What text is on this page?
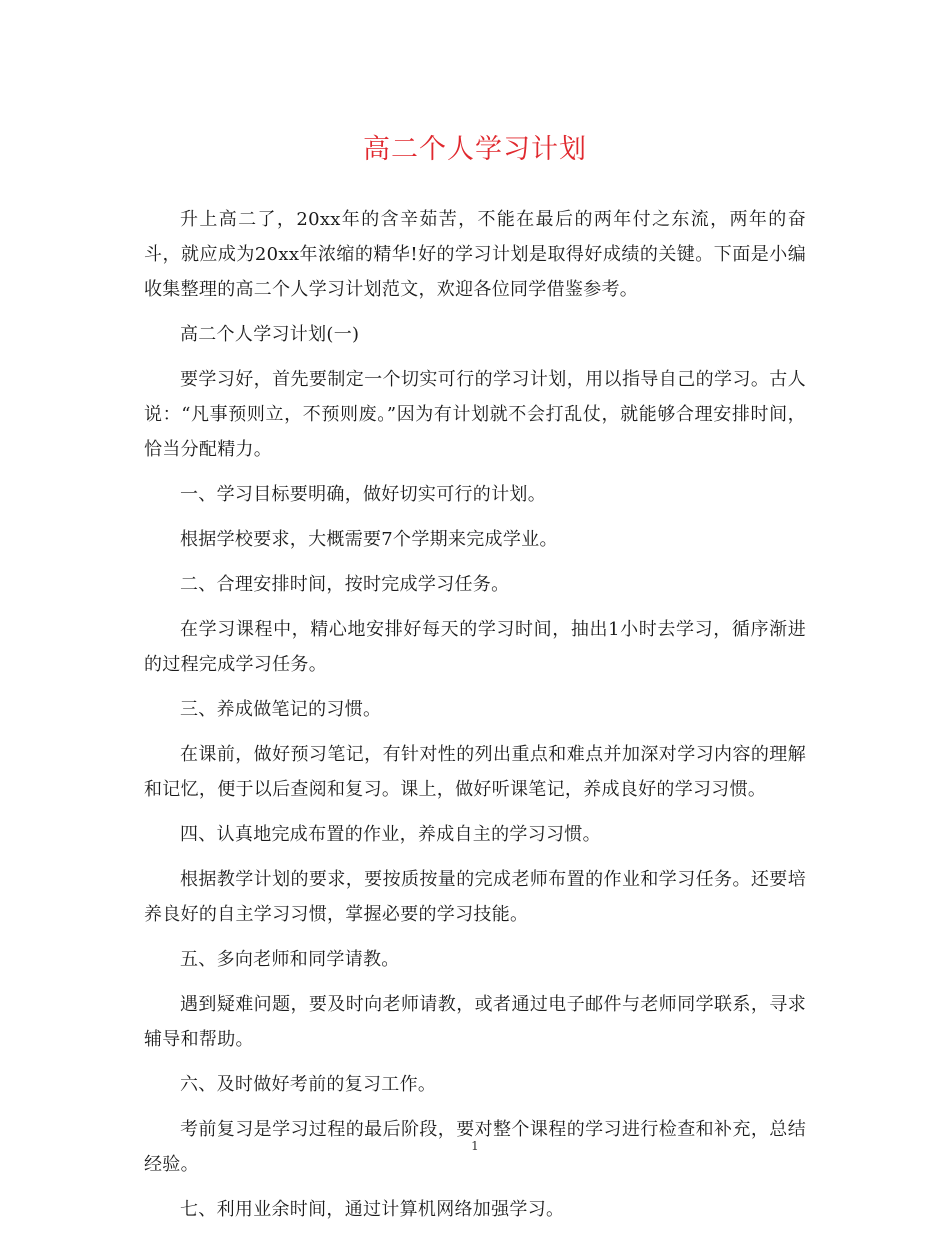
高二个人学习计划

升上高二了，20xx年的含辛茹苦，不能在最后的两年付之东流，两年的奋斗，就应成为20xx年浓缩的精华!好的学习计划是取得好成绩的关键。下面是小编收集整理的高二个人学习计划范文，欢迎各位同学借鉴参考。

高二个人学习计划(一)

要学习好，首先要制定一个切实可行的学习计划，用以指导自己的学习。古人说：“凡事预则立，不预则废。”因为有计划就不会打乱仗，就能够合理安排时间，恰当分配精力。

一、学习目标要明确，做好切实可行的计划。

根据学校要求，大概需要7个学期来完成学业。

二、合理安排时间，按时完成学习任务。

在学习课程中，精心地安排好每天的学习时间，抽出1小时去学习，循序渐进的过程完成学习任务。

三、养成做笔记的习惯。

在课前，做好预习笔记，有针对性的列出重点和难点并加深对学习内容的理解和记忆，便于以后查阅和复习。课上，做好听课笔记，养成良好的学习习惯。

四、认真地完成布置的作业，养成自主的学习习惯。

根据教学计划的要求，要按质按量的完成老师布置的作业和学习任务。还要培养良好的自主学习习惯，掌握必要的学习技能。

五、多向老师和同学请教。

遇到疑难问题，要及时向老师请教，或者通过电子邮件与老师同学联系，寻求辅导和帮助。

六、及时做好考前的复习工作。

考前复习是学习过程的最后阶段，要对整个课程的学习进行检查和补充，总结经验。

七、利用业余时间，通过计算机网络加强学习。

1
